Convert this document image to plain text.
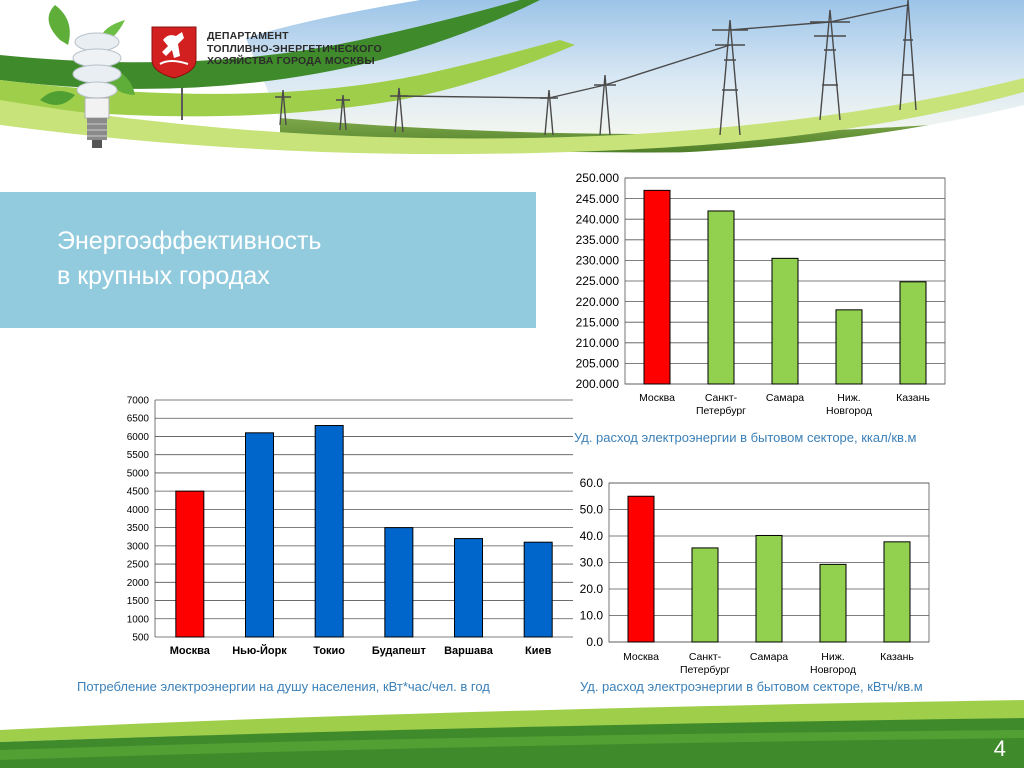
ДЕПАРТАМЕНТ
ТОПЛИВНО-ЭНЕРГЕТИЧЕСКОГО
ХОЗЯЙСТВА ГОРОДА МОСКВЫ
Энергоэффективность
в крупных городах
500
1000
1500
2000
2500
3000
3500
4000
4500
5000
5500
6000
6500
7000
Москва Нью-Йорк Токио Будапешт Варшава	Киев
Потребление электроэнергии на душу населения, кВт*час/чел. в год
200.000
205.000
210.000
215.000
220.000
225.000
230.000
235.000
240.000
245.000
250.000
Москва	Санкт-Петербург
Самара	Ниж. Новгород
Казань
Уд. расход электроэнергии в бытовом секторе, ккал/кв.м
0.0
10.0
20.0
30.0
40.0
50.0
60.0
Москва	Санкт-Петербург
Самара	Ниж. Новгород
Казань
Уд. расход электроэнергии в бытовом секторе, кВтч/кв.м
4
